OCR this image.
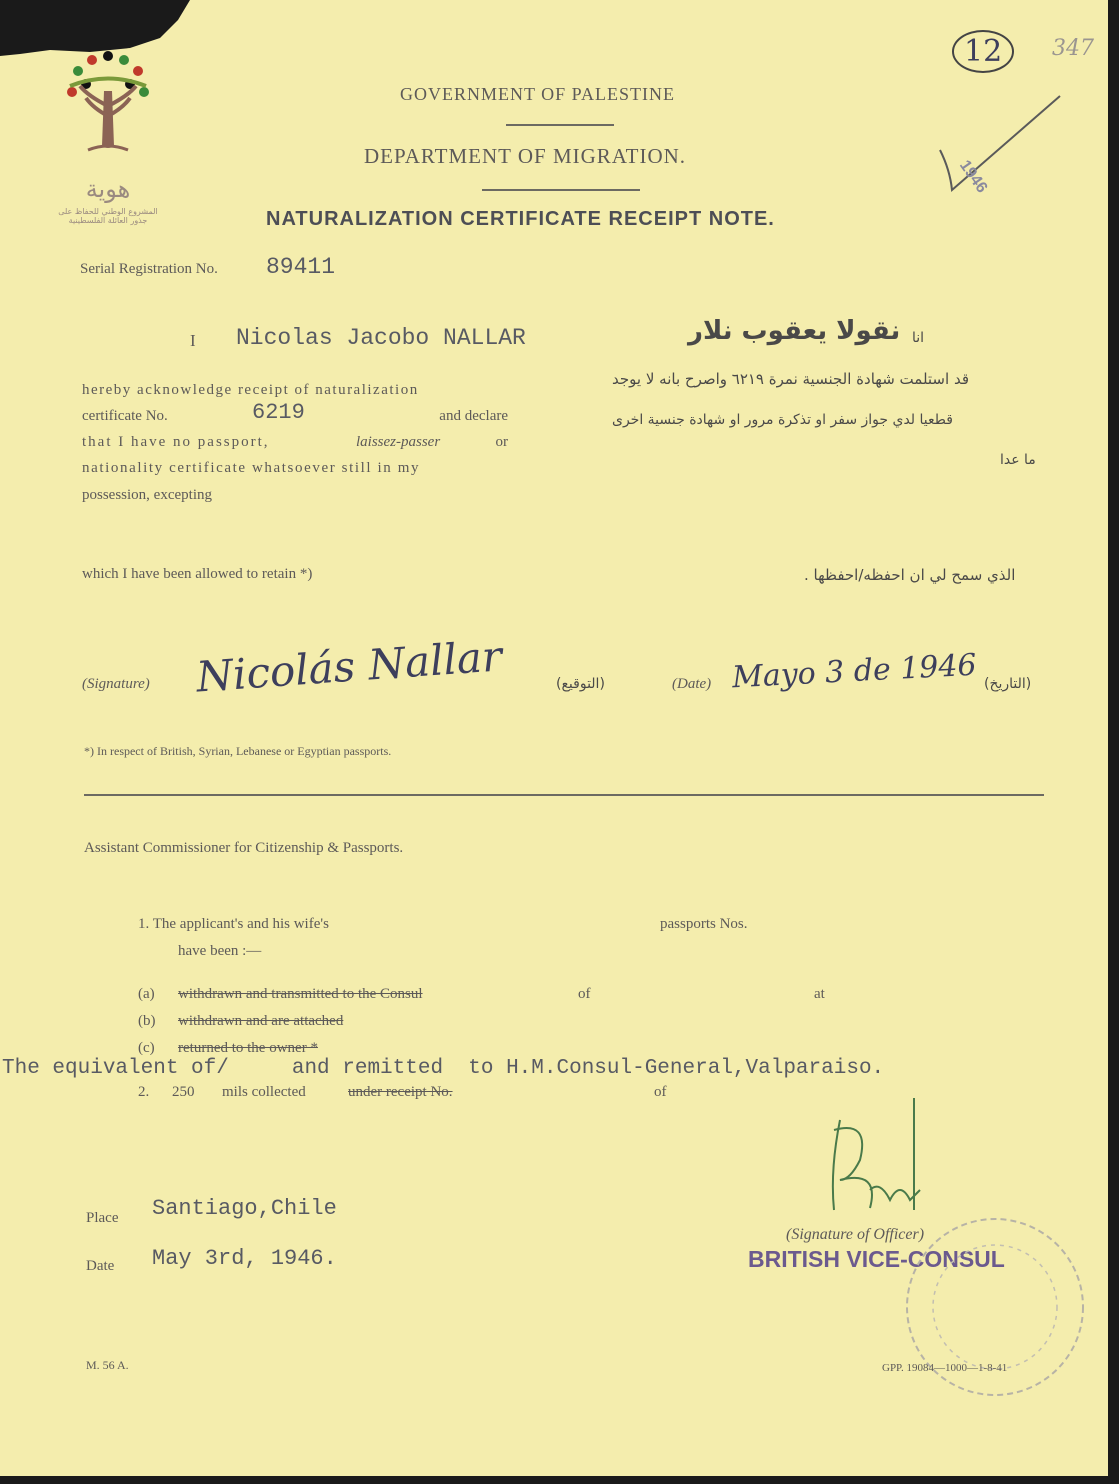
هوية
المشروع الوطني للحفاظ على
جذور العائلة الفلسطينية
12	347
1946
GOVERNMENT OF PALESTINE
DEPARTMENT OF MIGRATION.
NATURALIZATION CERTIFICATE RECEIPT NOTE.
Serial Registration No. 89411
I Nicolas Jacobo NALLAR	انا
نقولا يعقوب نلار
hereby acknowledge receipt of naturalization
certificate No.	6219	and declare
that I have no passport,	laissez-passer	or
nationality certificate whatsoever still in my
possession, excepting
which I have been allowed to retain *)
قد استلمت شهادة الجنسية نمرة ٦٢١٩ واصرح بانه لا يوجد
قطعيا لدي جواز سفر او تذكرة مرور او شهادة جنسية اخرى
ما عدا
الذي سمح لي ان احفظه/احفظها .
(Signature) Nicolás Nallar	(التوقيع)	(Date) Mayo 3 de 1946 (التاريخ)
*) In respect of British, Syrian, Lebanese or Egyptian passports.
Assistant Commissioner for Citizenship & Passports.
1. The applicant's and his wife's	passports Nos.
have been :—
(a) withdrawn and transmitted to the Consul	of	at
(b) withdrawn and are attached
(c) returned to the owner *
The equivalent of/     and remitted  to H.M.Consul-General,Valparaiso.
2. 250 mils collected	under receipt No.	of
Place Santiago,Chile
Date May 3rd, 1946.
(Signature of Officer)
BRITISH VICE-CONSUL
M. 56 A.	GPP. 19084—1000—1-8-41
